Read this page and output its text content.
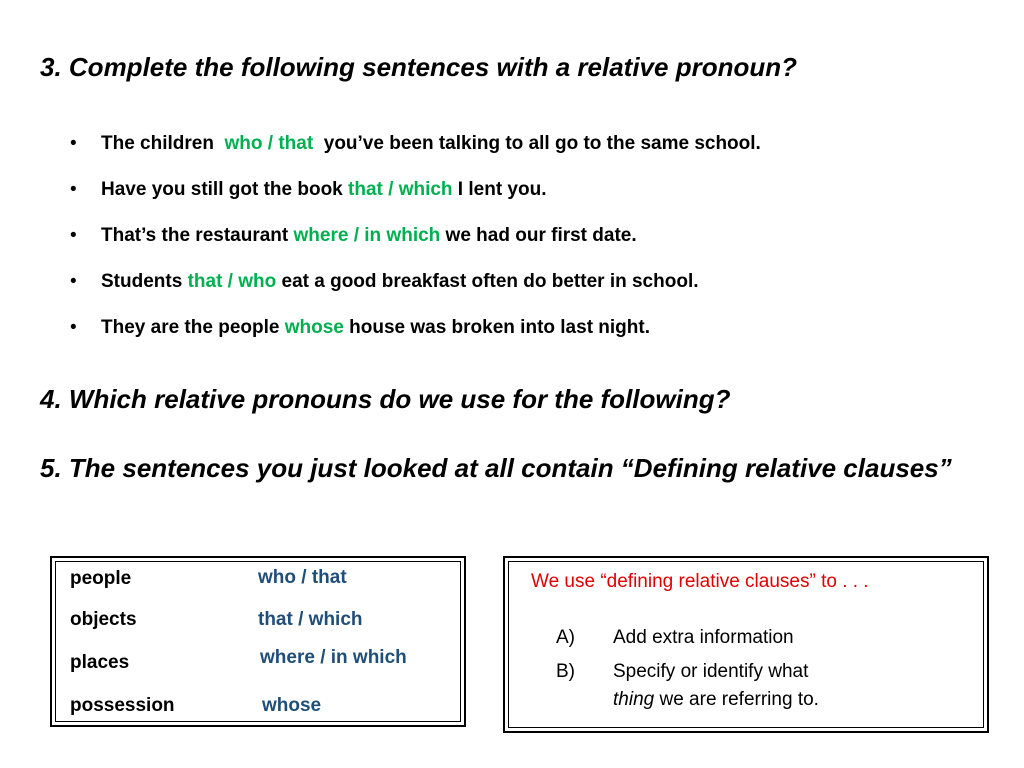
3. Complete the following sentences with a relative pronoun?
• The children  who / that  you’ve been talking to all go to the same school.
• Have you still got the book that / which I lent you.
• That’s the restaurant where / in which we had our first date.
• Students that / who eat a good breakfast often do better in school.
• They are the people whose house was broken into last night.
4. Which relative pronouns do we use for the following?
5. The sentences you just looked at all contain “Defining relative clauses”
people	who / that
objects	that / which
places	where / in which
possession	whose
We use “defining relative clauses” to . . .
A) Add extra information
B) Specify or identify what
thing we are referring to.
